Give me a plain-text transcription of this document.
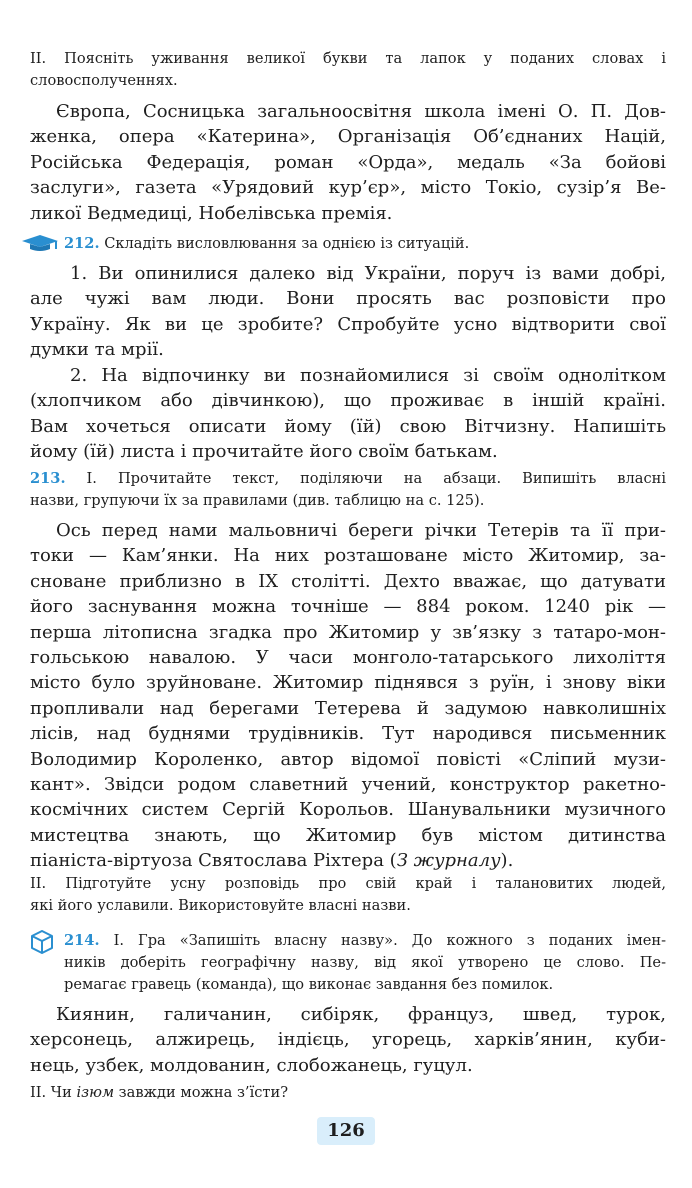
II. Поясніть уживання великої букви та лапок у поданих словах і
словосполученнях.
Європа, Сосницька загальноосвітня школа імені О. П. Дов-
женка, опера «Катерина», Організація Об’єднаних Націй,
Російська Федерація, роман «Орда», медаль «За бойові
заслуги», газета «Урядовий кур’єр», місто Токіо, сузір’я Ве-
ликої Ведмедиці, Нобелівська премія.
212. Складіть висловлювання за однією із ситуацій.
1. Ви опинилися далеко від України, поруч із вами добрі,
але чужі вам люди. Вони просять вас розповісти про
Україну. Як ви це зробите? Спробуйте усно відтворити свої
думки та мрії.
2. На відпочинку ви познайомилися зі своїм однолітком
(хлопчиком або дівчинкою), що проживає в іншій країні.
Вам хочеться описати йому (їй) свою Вітчизну. Напишіть
йому (їй) листа і прочитайте його своїм батькам.
213. І. Прочитайте текст, поділяючи на абзаци. Випишіть власні
назви, групуючи їх за правилами (див. таблицю на с. 125).
Ось перед нами мальовничі береги річки Тетерів та її при-
токи — Кам’янки. На них розташоване місто Житомир, за-
сноване приблизно в IX столітті. Дехто вважає, що датувати
його заснування можна точніше — 884 роком. 1240 рік —
перша літописна згадка про Житомир у зв’язку з татаро-мон-
гольською навалою. У часи монголо-татарського лихоліття
місто було зруйноване. Житомир піднявся з руїн, і знову віки
пропливали над берегами Тетерева й задумою навколишніх
лісів, над буднями трудівників. Тут народився письменник
Володимир Короленко, автор відомої повісті «Сліпий музи-
кант». Звідси родом славетний учений, конструктор ракетно-
космічних систем Сергій Корольов. Шанувальники музичного
мистецтва знають, що Житомир був містом дитинства
піаніста-віртуоза Святослава Ріхтера (З журналу).
ІІ. Підготуйте усну розповідь про свій край і талановитих людей,
які його уславили. Використовуйте власні назви.
214. І. Гра «Запишіть власну назву». До кожного з поданих імен-
ників доберіть географічну назву, від якої утворено це слово. Пе-
ремагає гравець (команда), що виконає завдання без помилок.
Киянин, галичанин, сибіряк, француз, швед, турок,
херсонець, алжирець, індієць, угорець, харків’янин, куби-
нець, узбек, молдованин, слобожанець, гуцул.
ІІ. Чи ізюм завжди можна з’їсти?
126
